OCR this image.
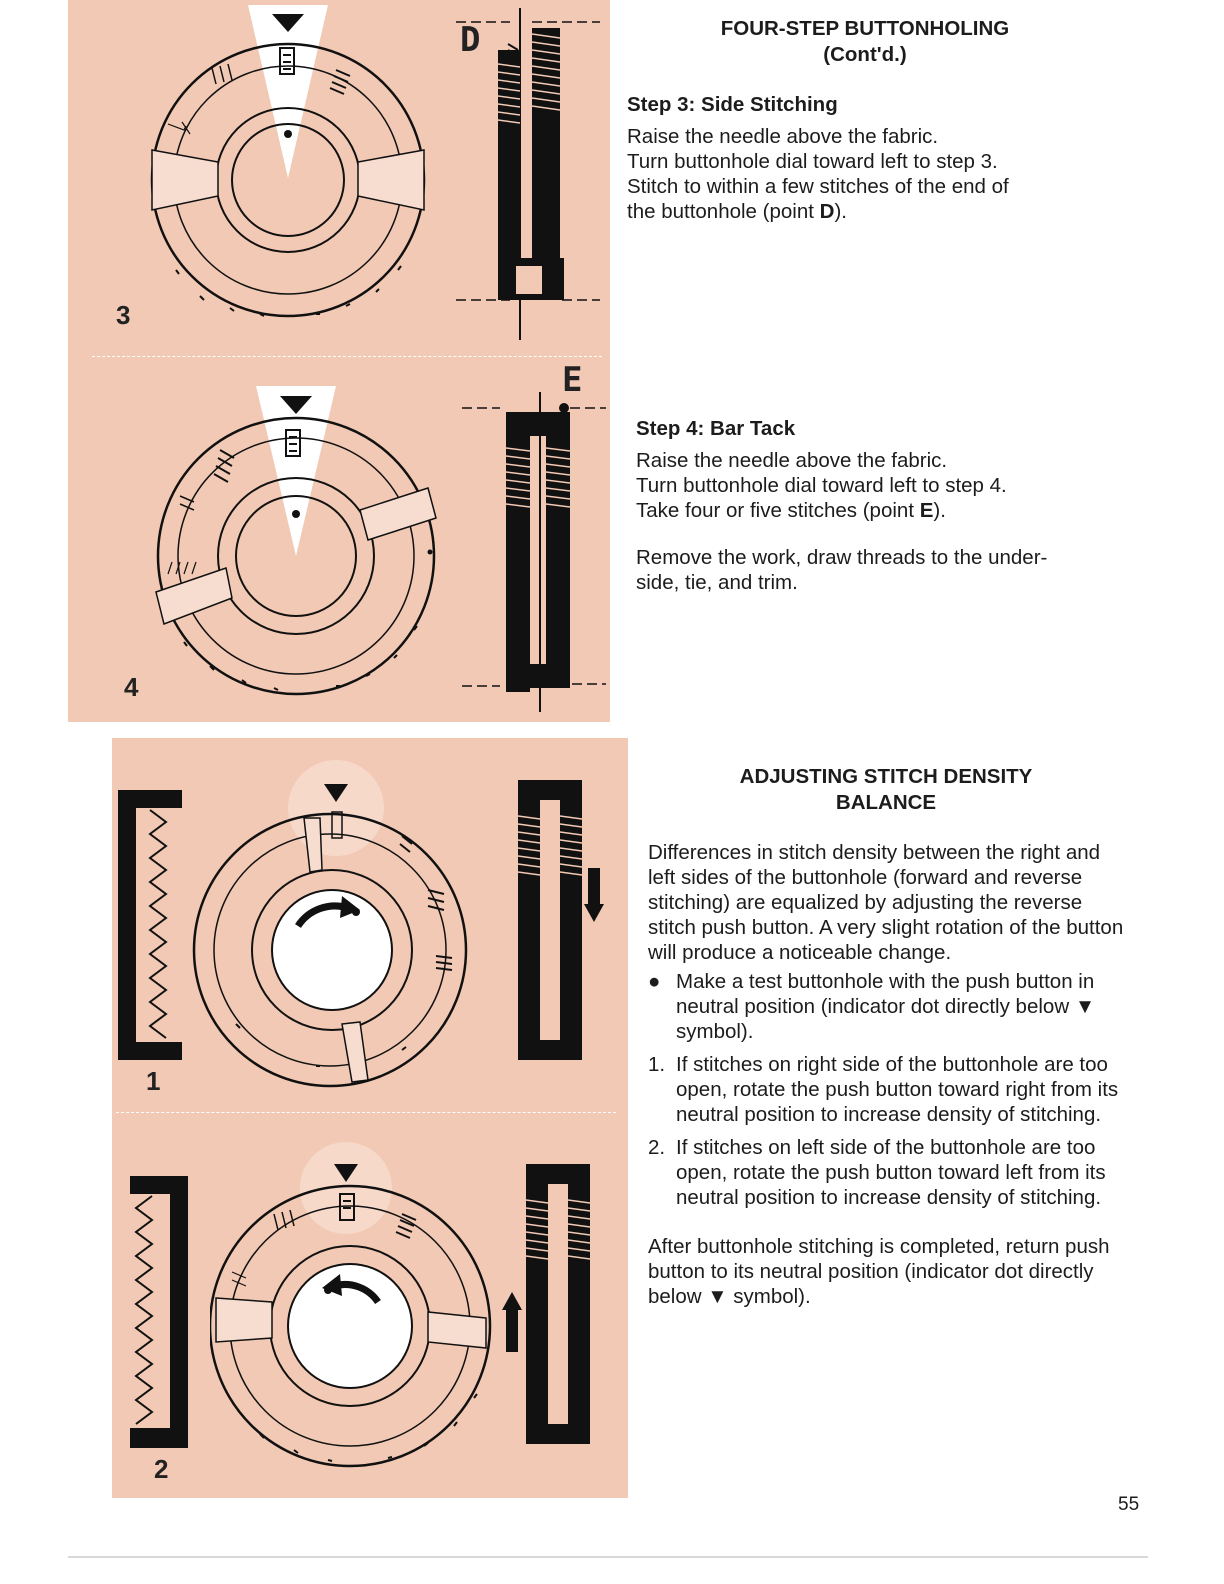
3
D
4
E
1
2
FOUR-STEP BUTTONHOLING
(Cont'd.)
Step 3: Side Stitching
Raise the needle above the fabric.
Turn buttonhole dial toward left to step 3.
Stitch to within a few stitches of the end of
the buttonhole (point D).
Step 4: Bar Tack
Raise the needle above the fabric.
Turn buttonhole dial toward left to step 4.
Take four or five stitches (point E).
Remove the work, draw threads to the under-
side, tie, and trim.
ADJUSTING STITCH DENSITY
BALANCE

Differences in stitch density between the right and left sides of the buttonhole (forward and reverse stitching) are equalized by adjusting the reverse stitch push button. A very slight rotation of the button will produce a noticeable change.

● Make a test buttonhole with the push button in neutral position (indicator dot directly below ▼ symbol).
1. If stitches on right side of the buttonhole are too open, rotate the push button toward right from its neutral position to increase density of stitching.
2. If stitches on left side of the buttonhole are too open, rotate the push button toward left from its neutral position to increase density of stitching.

After buttonhole stitching is completed, return push button to its neutral position (indicator dot directly below ▼ symbol).

55
